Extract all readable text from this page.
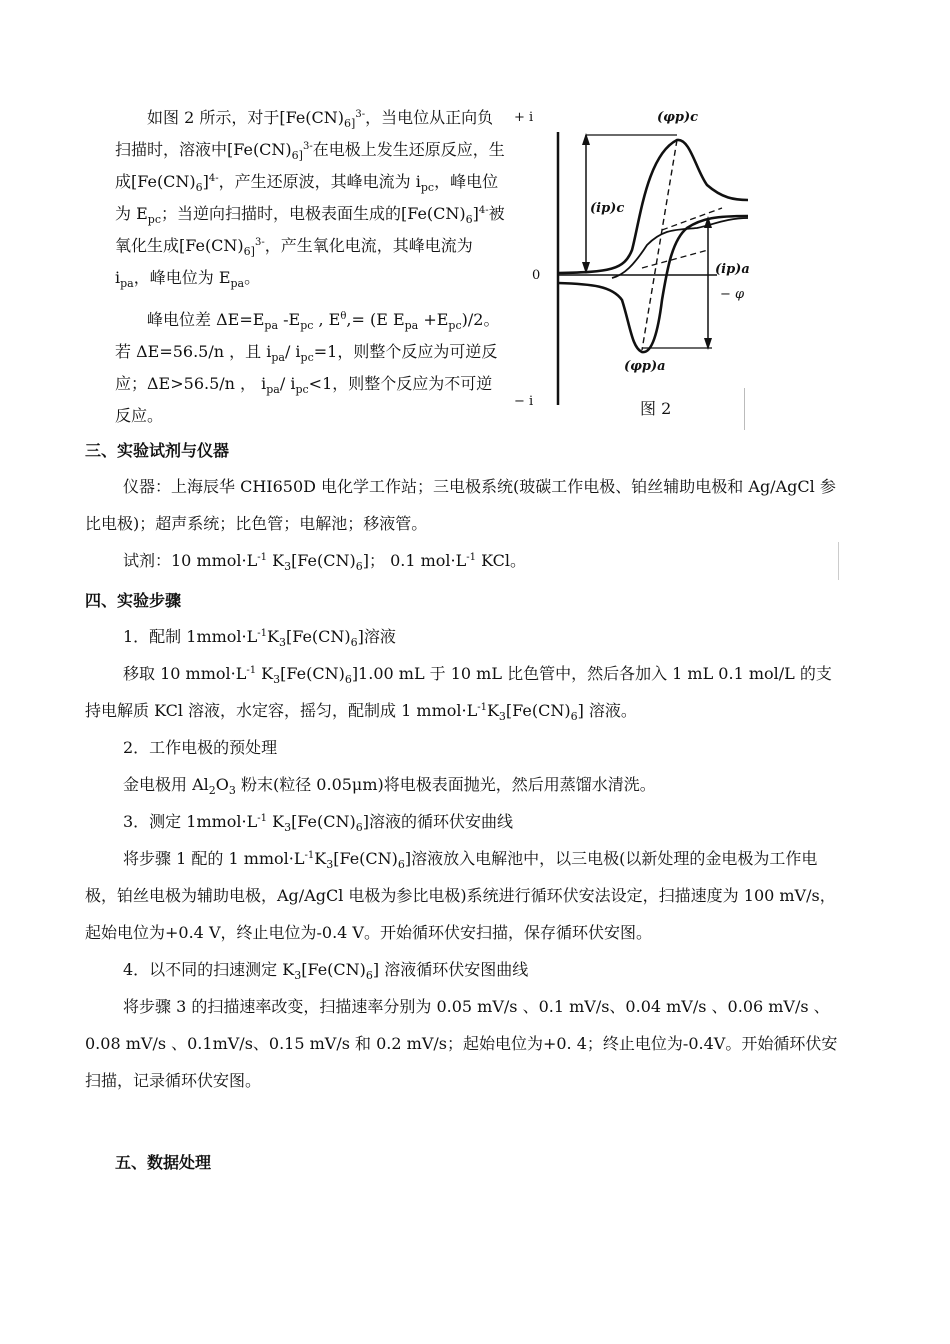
如图 2 所示，对于[$Fe(CN)_{6]}^{3-}$，当电位从正向负扫描时，溶液中[$Fe(CN)_{6]}^{3-}$在电极上发生还原反应，生成$[Fe(CN)_6]^{4-}$，产生还原波，其峰电流为 $i_{pc}$，峰电位为 $E_{pc}$；当逆向扫描时，电极表面生成的$[Fe(CN)_6]^{4-}$被氧化生成[$Fe(CN)_{6]}^{3-}$，产生氧化电流，其峰电流为 $i_{pa}$，峰电位为 $E_{pa}$。

峰电位差 $\Delta E=E_{pa}$ $-E_{pc}$ , $E^\theta,= (E$ $E_{pa} +E_{pc})/2$。若 ΔE=56.5/n ，且 $i_{pa}/$ $i_{pc}=1$，则整个反应为可逆反应；ΔE>56.5/n ， $i_{pa}/$ $i_{pc}<1$，则整个反应为不可逆反应。

+ i
− i
0
− φ
(φp)c
(φp)a
(ip)c
(ip)a
图 2
三、实验试剂与仪器

仪器：上海辰华 CHI650D 电化学工作站；三电极系统(玻碳工作电极、铂丝辅助电极和 Ag/AgCl 参比电极)；超声系统；比色管；电解池；移液管。

试剂：10 $mmol\cdot L^{-1}$ $K_3[Fe(CN)_6]$； 0.1 $mol\cdot L^{-1}$ KCl。

四、实验步骤

1．配制 $1mmol\cdot L^{-1}K_3[Fe(CN)_6]$溶液

移取 10 $mmol\cdot L^{-1}$ $K_3[Fe(CN)_6]1.00$ mL 于 10 mL 比色管中，然后各加入 1 mL 0.1 mol/L 的支持电解质 KCl 溶液，水定容，摇匀，配制成 1 $mmol\cdot L^{-1}K_3[Fe(CN)_6]$ 溶液。

2．工作电极的预处理

金电极用 $Al_2O_3$ 粉末(粒径 0.05μm)将电极表面抛光，然后用蒸馏水清洗。

3．测定 $1mmol\cdot L^{-1}$ $K_3[Fe(CN)_6]$溶液的循环伏安曲线

将步骤 1 配的 1 $mmol\cdot L^{-1}K_3[Fe(CN)_6]$溶液放入电解池中，以三电极(以新处理的金电极为工作电极，铂丝电极为辅助电极，Ag/AgCl 电极为参比电极)系统进行循环伏安法设定，扫描速度为 100 mV/s，起始电位为+0.4 V，终止电位为-0.4 V。开始循环伏安扫描，保存循环伏安图。

4．以不同的扫速测定 $K_3[Fe(CN)_6]$ 溶液循环伏安图曲线

将步骤 3 的扫描速率改变，扫描速率分别为 0.05 mV/s 、0.1 mV/s、0.04 mV/s 、0.06 mV/s 、0.08 mV/s 、0.1mV/s、0.15 mV/s 和 0.2 mV/s；起始电位为+0. 4；终止电位为-0.4V。开始循环伏安扫描，记录循环伏安图。

五、数据处理
